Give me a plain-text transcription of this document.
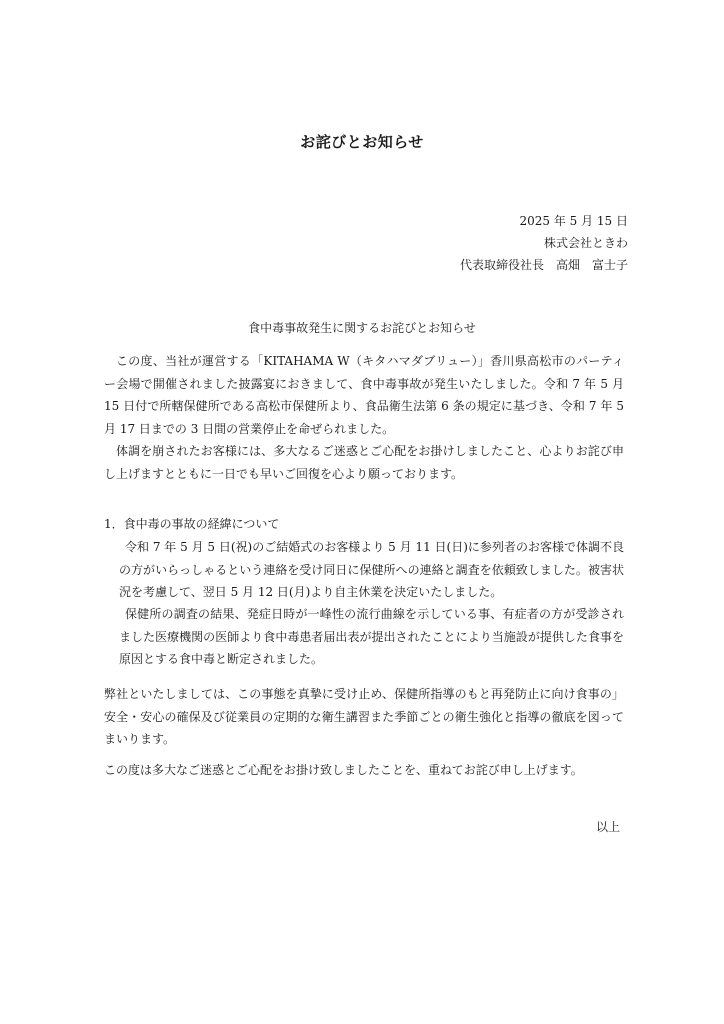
お詫びとお知らせ
2025 年 5 月 15 日
株式会社ときわ
代表取締役社長　高畑　富士子

食中毒事故発生に関するお詫びとお知らせ

この度、当社が運営する「KITAHAMA W（キタハマダブリュー）」香川県高松市のパーティー会場で開催されました披露宴におきまして、食中毒事故が発生いたしました。令和 7 年 5 月 15 日付で所轄保健所である高松市保健所より、食品衛生法第 6 条の規定に基づき、令和 7 年 5 月 17 日までの 3 日間の営業停止を命ぜられました。

体調を崩されたお客様には、多大なるご迷惑とご心配をお掛けしましたこと、心よりお詫び申し上げますとともに一日でも早いご回復を心より願っております。

1．食中毒の事故の経緯について

令和 7 年 5 月 5 日(祝)のご結婚式のお客様より 5 月 11 日(日)に参列者のお客様で体調不良の方がいらっしゃるという連絡を受け同日に保健所への連絡と調査を依頼致しました。被害状況を考慮して、翌日 5 月 12 日(月)より自主休業を決定いたしました。

保健所の調査の結果、発症日時が一峰性の流行曲線を示している事、有症者の方が受診されました医療機関の医師より食中毒患者届出表が提出されたことにより当施設が提供した食事を原因とする食中毒と断定されました。

弊社といたしましては、この事態を真摯に受け止め、保健所指導のもと再発防止に向け食事の」安全・安心の確保及び従業員の定期的な衛生講習また季節ごとの衛生強化と指導の徹底を図ってまいります。

この度は多大なご迷惑とご心配をお掛け致しましたことを、重ねてお詫び申し上げます。

以上
